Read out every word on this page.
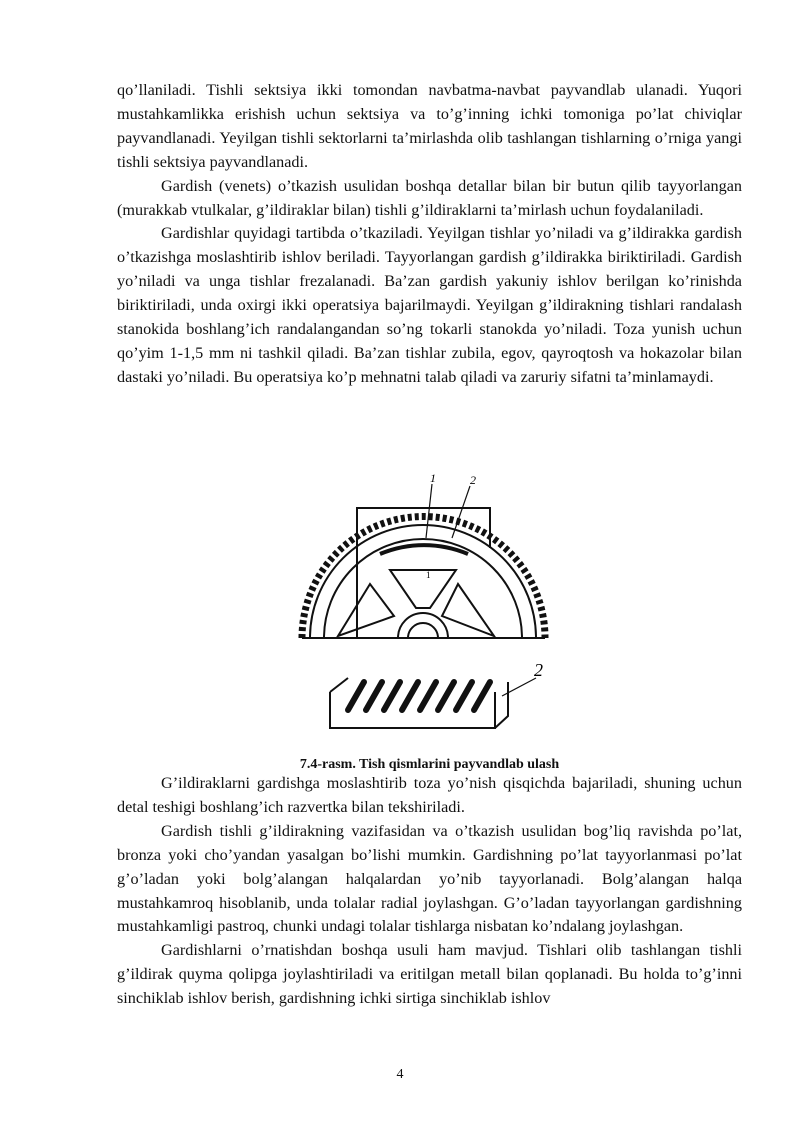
qo’llaniladi. Tishli sektsiya ikki tomondan navbatma-navbat payvandlab ulanadi. Yuqori mustahkamlikka erishish uchun sektsiya va to’g’inning ichki tomoniga po’lat chiviqlar payvandlanadi. Yeyilgan tishli sektorlarni ta’mirlashda olib tashlangan tishlarning o’rniga yangi tishli sektsiya payvandlanadi.

Gardish (venets) o’tkazish usulidan boshqa detallar bilan bir butun qilib tayyorlangan (murakkab vtulkalar, g’ildiraklar bilan) tishli g’ildiraklarni ta’mirlash uchun foydalaniladi.

Gardishlar quyidagi tartibda o’tkaziladi. Yeyilgan tishlar yo’niladi va g’ildirakka gardish o’tkazishga moslashtirib ishlov beriladi. Tayyorlangan gardish g’ildirakka biriktiriladi. Gardish yo’niladi va unga tishlar frezalanadi. Ba’zan gardish yakuniy ishlov berilgan ko’rinishda biriktiriladi, unda oxirgi ikki operatsiya bajarilmaydi. Yeyilgan g’ildirakning tishlari randalash stanokida boshlang’ich randalangandan so’ng tokarli stanokda yo’niladi. Toza yunish uchun qo’yim 1-1,5 mm ni tashkil qiladi. Ba’zan tishlar zubila, egov, qayroqtosh va hokazolar bilan dastaki yo’niladi. Bu operatsiya ko’p mehnatni talab qiladi va zaruriy sifatni ta’minlamaydi.

1	2
1
2
7.4-rasm. Tish qismlarini payvandlab ulash

G’ildiraklarni gardishga moslashtirib toza yo’nish qisqichda bajariladi, shuning uchun detal teshigi boshlang’ich razvertka bilan tekshiriladi.

Gardish tishli g’ildirakning vazifasidan va o’tkazish usulidan bog’liq ravishda po’lat, bronza yoki cho’yandan yasalgan bo’lishi mumkin. Gardishning po’lat tayyorlanmasi po’lat g’o’ladan yoki bolg’alangan halqalardan yo’nib tayyorlanadi. Bolg’alangan halqa mustahkamroq hisoblanib, unda tolalar radial joylashgan. G’o’ladan tayyorlangan gardishning mustahkamligi pastroq, chunki undagi tolalar tishlarga nisbatan ko’ndalang joylashgan.

Gardishlarni o’rnatishdan boshqa usuli ham mavjud. Tishlari olib tashlangan tishli g’ildirak quyma qolipga joylashtiriladi va eritilgan metall bilan qoplanadi. Bu holda to’g’inni sinchiklab ishlov berish, gardishning ichki sirtiga sinchiklab ishlov

4
